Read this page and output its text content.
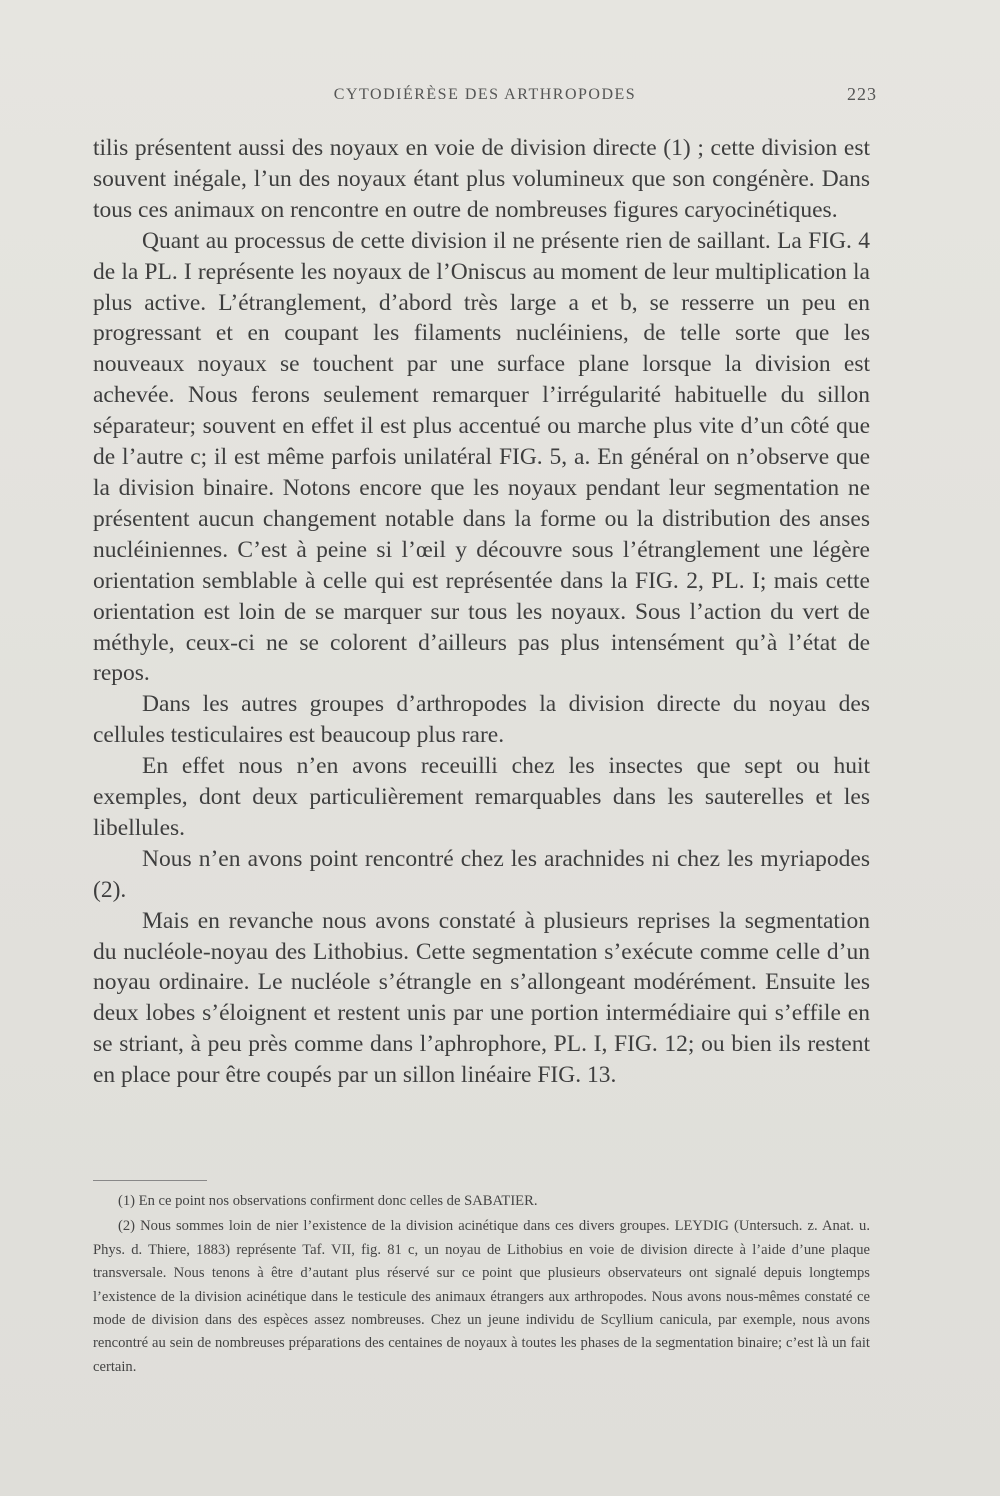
CYTODIÉRÈSE DES ARTHROPODES	223

tilis présentent aussi des noyaux en voie de division directe (1) ; cette division est souvent inégale, l’un des noyaux étant plus volumineux que son congénère. Dans tous ces animaux on rencontre en outre de nombreuses figures caryocinétiques.

Quant au processus de cette division il ne présente rien de saillant. La FIG. 4 de la PL. I représente les noyaux de l’Oniscus au moment de leur multiplication la plus active. L’étranglement, d’abord très large a et b, se resserre un peu en progressant et en coupant les filaments nucléiniens, de telle sorte que les nouveaux noyaux se touchent par une surface plane lorsque la division est achevée. Nous ferons seulement remarquer l’irrégularité habituelle du sillon séparateur; souvent en effet il est plus accentué ou marche plus vite d’un côté que de l’autre c; il est même parfois unilatéral FIG. 5, a. En général on n’observe que la division binaire. Notons encore que les noyaux pendant leur segmentation ne présentent aucun changement notable dans la forme ou la distribution des anses nucléiniennes. C’est à peine si l’œil y découvre sous l’étranglement une légère orientation semblable à celle qui est représentée dans la FIG. 2, PL. I; mais cette orientation est loin de se marquer sur tous les noyaux. Sous l’action du vert de méthyle, ceux-ci ne se colorent d’ailleurs pas plus intensément qu’à l’état de repos.

Dans les autres groupes d’arthropodes la division directe du noyau des cellules testiculaires est beaucoup plus rare.

En effet nous n’en avons receuilli chez les insectes que sept ou huit exemples, dont deux particulièrement remarquables dans les sauterelles et les libellules.

Nous n’en avons point rencontré chez les arachnides ni chez les myriapodes (2).

Mais en revanche nous avons constaté à plusieurs reprises la segmentation du nucléole-noyau des Lithobius. Cette segmentation s’exécute comme celle d’un noyau ordinaire. Le nucléole s’étrangle en s’allongeant modérément. Ensuite les deux lobes s’éloignent et restent unis par une portion intermédiaire qui s’effile en se striant, à peu près comme dans l’aphrophore, PL. I, FIG. 12; ou bien ils restent en place pour être coupés par un sillon linéaire FIG. 13.

(1) En ce point nos observations confirment donc celles de SABATIER.

(2) Nous sommes loin de nier l’existence de la division acinétique dans ces divers groupes. LEYDIG (Untersuch. z. Anat. u. Phys. d. Thiere, 1883) représente Taf. VII, fig. 81 c, un noyau de Lithobius en voie de division directe à l’aide d’une plaque transversale. Nous tenons à être d’autant plus réservé sur ce point que plusieurs observateurs ont signalé depuis longtemps l’existence de la division acinétique dans le testicule des animaux étrangers aux arthropodes. Nous avons nous-mêmes constaté ce mode de division dans des espèces assez nombreuses. Chez un jeune individu de Scyllium canicula, par exemple, nous avons rencontré au sein de nombreuses préparations des centaines de noyaux à toutes les phases de la segmentation binaire; c’est là un fait certain.
